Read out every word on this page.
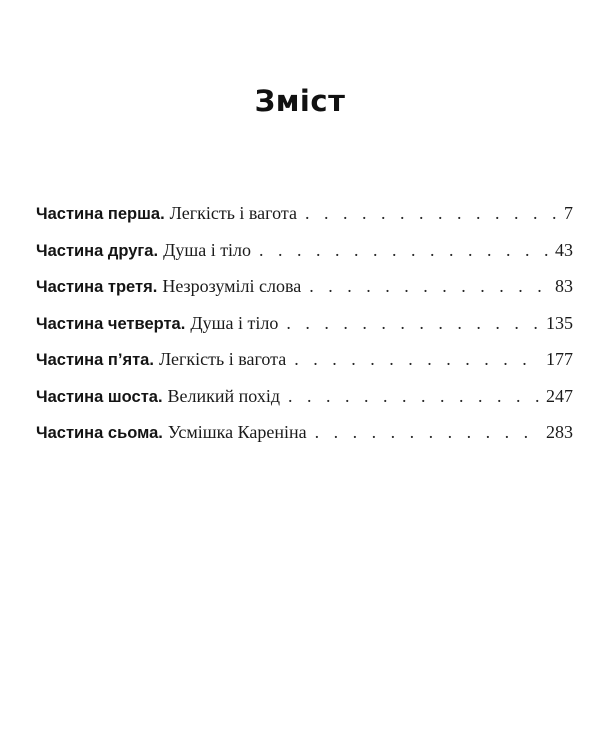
Зміст
Частина перша . Легкість і вагота . . .	7
Частина друга . Душа і тіло . . .	43
Частина третя . Незрозумілі слова . . .	83
Частина четверта . Душа і тіло . . .	135
Частина п’ята . Легкість і вагота . . .	177
Частина шоста . Великий похід . . .	247
Частина сьома . Усмішка Кареніна . . .	283
